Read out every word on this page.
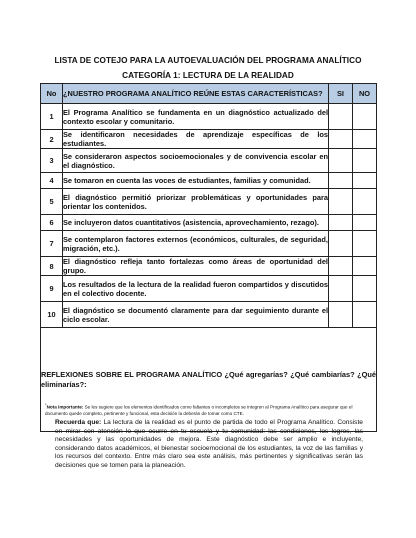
LISTA DE COTEJO PARA LA AUTOEVALUACIÓN DEL PROGRAMA ANALÍTICO
CATEGORÍA 1: LECTURA DE LA REALIDAD
No	¿NUESTRO PROGRAMA ANALÍTICO REÚNE ESTAS CARACTERÍSTICAS?	SI	NO
1	El Programa Analítico se fundamenta en un diagnóstico actualizado del contexto escolar y comunitario.		
2	Se identificaron necesidades de aprendizaje específicas de los estudiantes.		
3	Se consideraron aspectos socioemocionales y de convivencia escolar en el diagnóstico.		
4	Se tomaron en cuenta las voces de estudiantes, familias y comunidad.		
5	El diagnóstico permitió priorizar problemáticas y oportunidades para orientar los contenidos.		
6	Se incluyeron datos cuantitativos (asistencia, aprovechamiento, rezago).		
7	Se contemplaron factores externos (económicos, culturales, de seguridad, migración, etc.).		
8	El diagnóstico refleja tanto fortalezas como áreas de oportunidad del grupo.		
9	Los resultados de la lectura de la realidad fueron compartidos y discutidos en el colectivo docente.		
10	El diagnóstico se documentó claramente para dar seguimiento durante el ciclo escolar.		

REFLEXIONES SOBRE EL PROGRAMA ANALÍTICO ¿Qué agregarías? ¿Qué cambiarías? ¿Qué eliminarías?:
*Nota importante: Se les sugiere que los elementos identificados como faltantes o incompletos se integren al Programa Analítico para asegurar que el documento quede completo, pertinente y funcional, esta decisión la deberán de tomar como CTE.			
Recuerda que: La lectura de la realidad es el punto de partida de todo el Programa Analítico. Consiste en mirar con atención lo que ocurre en tu escuela y tu comunidad: las condiciones, los logros, las necesidades y las oportunidades de mejora. Este diagnóstico debe ser amplio e incluyente, considerando datos académicos, el bienestar socioemocional de los estudiantes, la voz de las familias y los recursos del contexto. Entre más claro sea este análisis, más pertinentes y significativas serán las decisiones que se tomen para la planeación.
